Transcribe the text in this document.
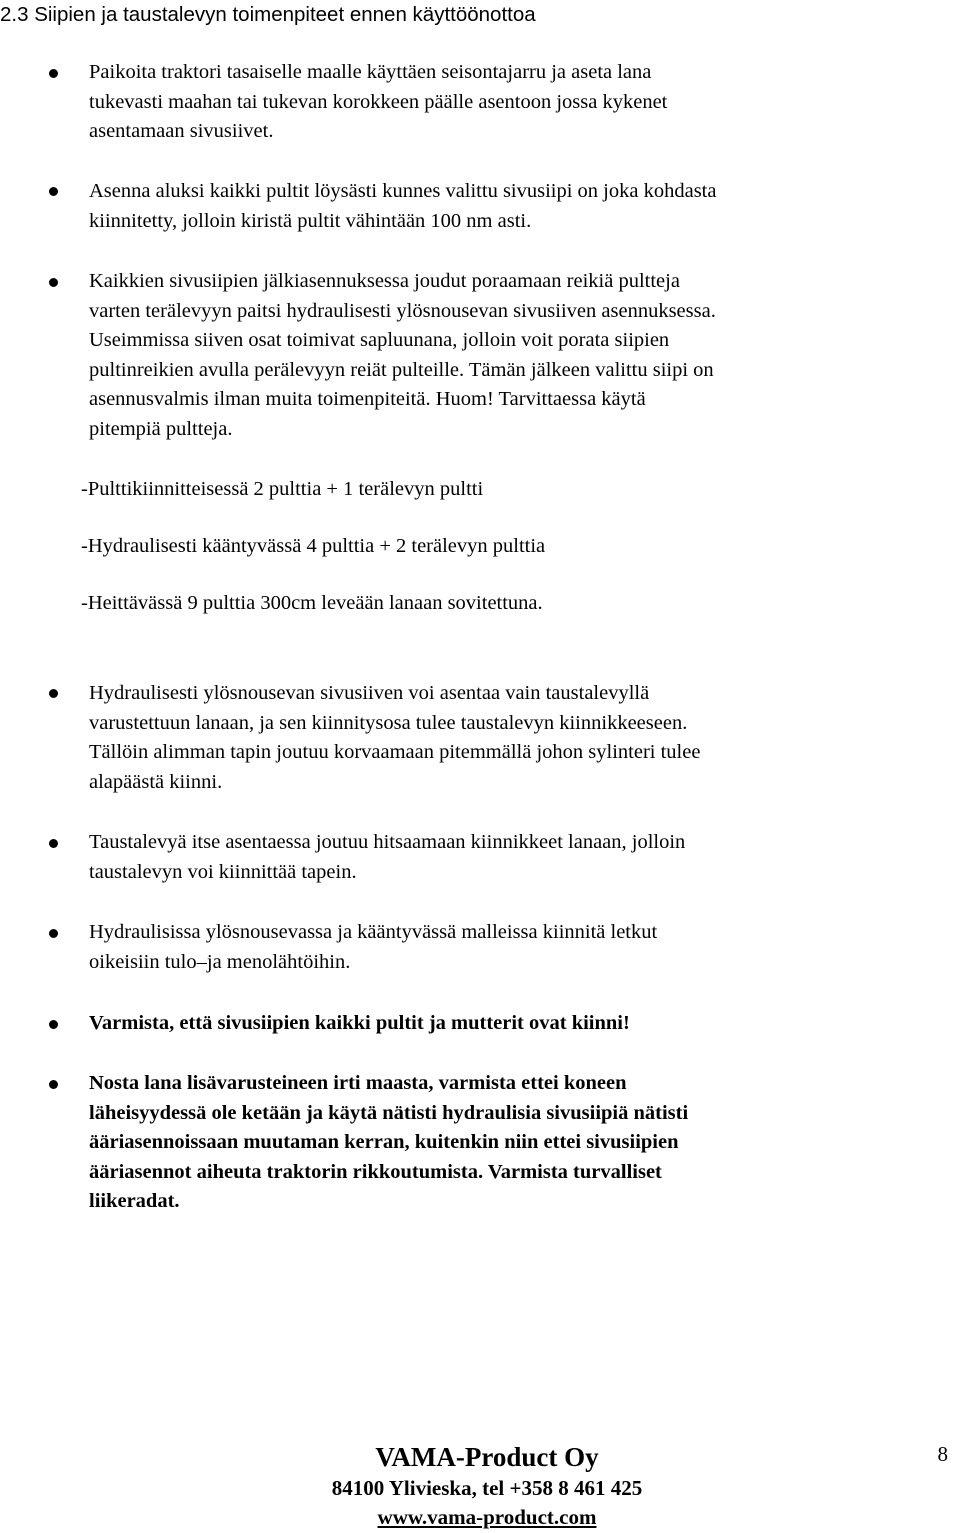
2.3 Siipien ja taustalevyn toimenpiteet ennen käyttöönottoa
Paikoita traktori tasaiselle maalle käyttäen seisontajarru ja aseta lana
tukevasti maahan tai tukevan korokkeen päälle asentoon jossa kykenet
asentamaan sivusiivet.
Asenna aluksi kaikki pultit löysästi kunnes valittu sivusiipi on joka kohdasta
kiinnitetty, jolloin kiristä pultit vähintään 100 nm asti.
Kaikkien sivusiipien jälkiasennuksessa joudut poraamaan reikiä pultteja
varten terälevyyn paitsi hydraulisesti ylösnousevan sivusiiven asennuksessa.
Useimmissa siiven osat toimivat sapluunana, jolloin voit porata siipien
pultinreikien avulla perälevyyn reiät pulteille. Tämän jälkeen valittu siipi on
asennusvalmis ilman muita toimenpiteitä. Huom! Tarvittaessa käytä
pitempiä pultteja.
-Pulttikiinnitteisessä 2 pulttia + 1 terälevyn pultti
-Hydraulisesti kääntyvässä 4 pulttia + 2 terälevyn pulttia
-Heittävässä 9 pulttia 300cm leveään lanaan sovitettuna.
Hydraulisesti ylösnousevan sivusiiven voi asentaa vain taustalevyllä
varustettuun lanaan, ja sen kiinnitysosa tulee taustalevyn kiinnikkeeseen.
Tällöin alimman tapin joutuu korvaamaan pitemmällä johon sylinteri tulee
alapäästä kiinni.
Taustalevyä itse asentaessa joutuu hitsaamaan kiinnikkeet lanaan, jolloin
taustalevyn voi kiinnittää tapein.
Hydraulisissa ylösnousevassa ja kääntyvässä malleissa kiinnitä letkut
oikeisiin tulo–ja menolähtöihin.
Varmista, että sivusiipien kaikki pultit ja mutterit ovat kiinni!
Nosta lana lisävarusteineen irti maasta, varmista ettei koneen
läheisyydessä ole ketään ja käytä nätisti hydraulisia sivusiipiä nätisti
ääriasennoissaan muutaman kerran, kuitenkin niin ettei sivusiipien
ääriasennot aiheuta traktorin rikkoutumista. Varmista turvalliset
liikeradat.
VAMA-Product Oy
84100 Ylivieska, tel +358 8 461 425
www.vama-product.com
8
